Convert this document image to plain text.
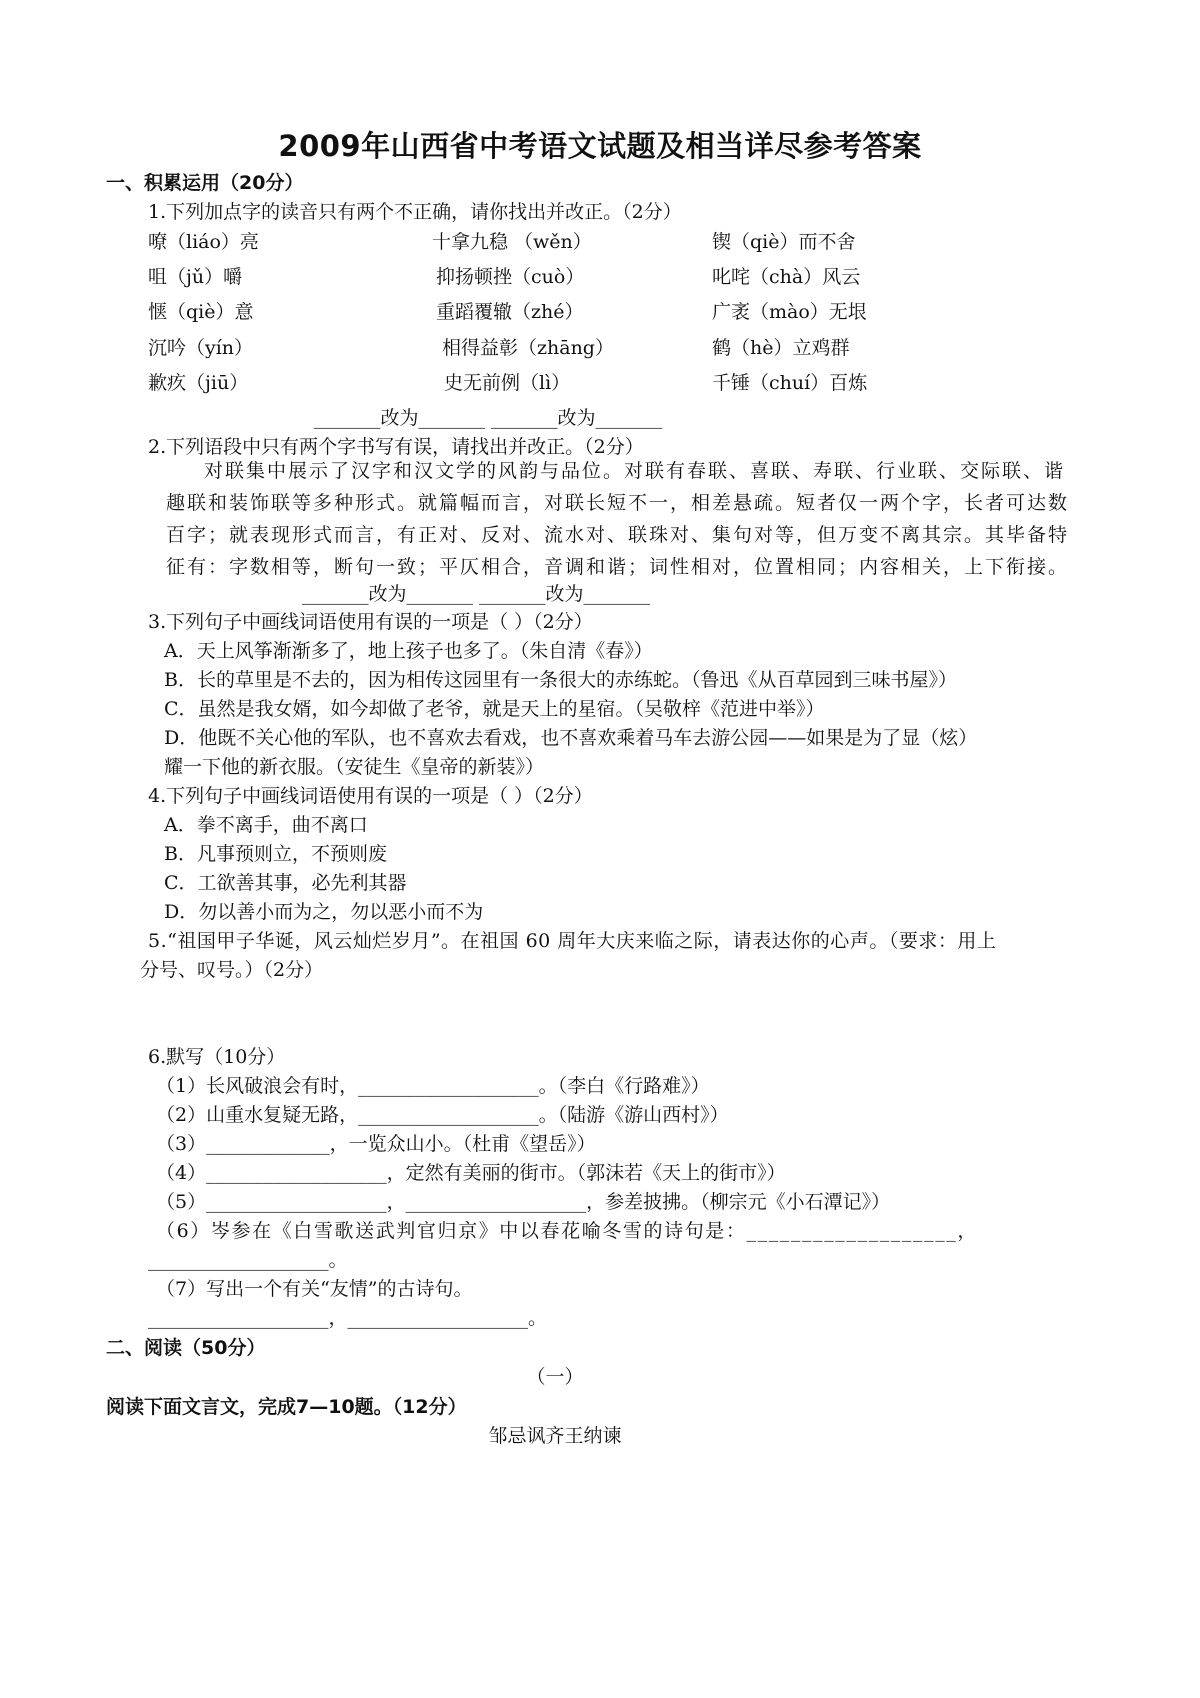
2009年山西省中考语文试题及相当详尽参考答案
一、积累运用（20分）
1.下列加点字的读音只有两个不正确，请你找出并改正。（2分）
嘹（liáo）亮	十拿九稳 （wěn）	锲（qiè）而不舍
咀（jǔ）嚼	抑扬顿挫（cuò）	叱咤（chà）风云
惬（qiè）意	重蹈覆辙（zhé）	广袤（mào）无垠
沉吟（yín）	相得益彰（zhāng）	鹤（hè）立鸡群
歉疚（jiū）	史无前例（lì）	千锤（chuí）百炼
_______改为_______ _______改为_______
2.下列语段中只有两个字书写有误，请找出并改正。（2分）
对联集中展示了汉字和汉文学的风韵与品位。对联有春联、喜联、寿联、行业联、交际联、谐
趣联和装饰联等多种形式。就篇幅而言，对联长短不一，相差悬疏。短者仅一两个字，长者可达数
百字；就表现形式而言，有正对、反对、流水对、联珠对、集句对等，但万变不离其宗。其毕备特
征有：字数相等，断句一致；平仄相合，音调和谐；词性相对，位置相同；内容相关，上下衔接。
_______改为_______ _______改为_______
3.下列句子中画线词语使用有误的一项是（ ）（2分）
A．天上风筝渐渐多了，地上孩子也多了。（朱自清《春》）
B．长的草里是不去的，因为相传这园里有一条很大的赤练蛇。（鲁迅《从百草园到三味书屋》）
C．虽然是我女婿，如今却做了老爷，就是天上的星宿。（吴敬梓《范进中举》）
D．他既不关心他的军队，也不喜欢去看戏，也不喜欢乘着马车去游公园——如果是为了显（炫）
耀一下他的新衣服。（安徒生《皇帝的新装》）
4.下列句子中画线词语使用有误的一项是（ ）（2分）
A．拳不离手，曲不离口
B．凡事预则立，不预则废
C．工欲善其事，必先利其器
D．勿以善小而为之，勿以恶小而不为
5.“祖国甲子华诞，风云灿烂岁月”。在祖国 60 周年大庆来临之际，请表达你的心声。（要求：用上
分号、叹号。）（2分）
6.默写（10分）
（1）长风破浪会有时，___________________。（李白《行路难》）
（2）山重水复疑无路，___________________。（陆游《游山西村》）
（3）_____________，一览众山小。（杜甫《望岳》）
（4）___________________，定然有美丽的街市。（郭沫若《天上的街市》）
（5）___________________，___________________，参差披拂。（柳宗元《小石潭记》）
（6）岑参在《白雪歌送武判官归京》中以春花喻冬雪的诗句是：___________________，
___________________。
（7）写出一个有关“友情”的古诗句。
___________________，___________________。
二、阅读（50分）
（一）
阅读下面文言文，完成7—10题。（12分）
邹忌讽齐王纳谏
